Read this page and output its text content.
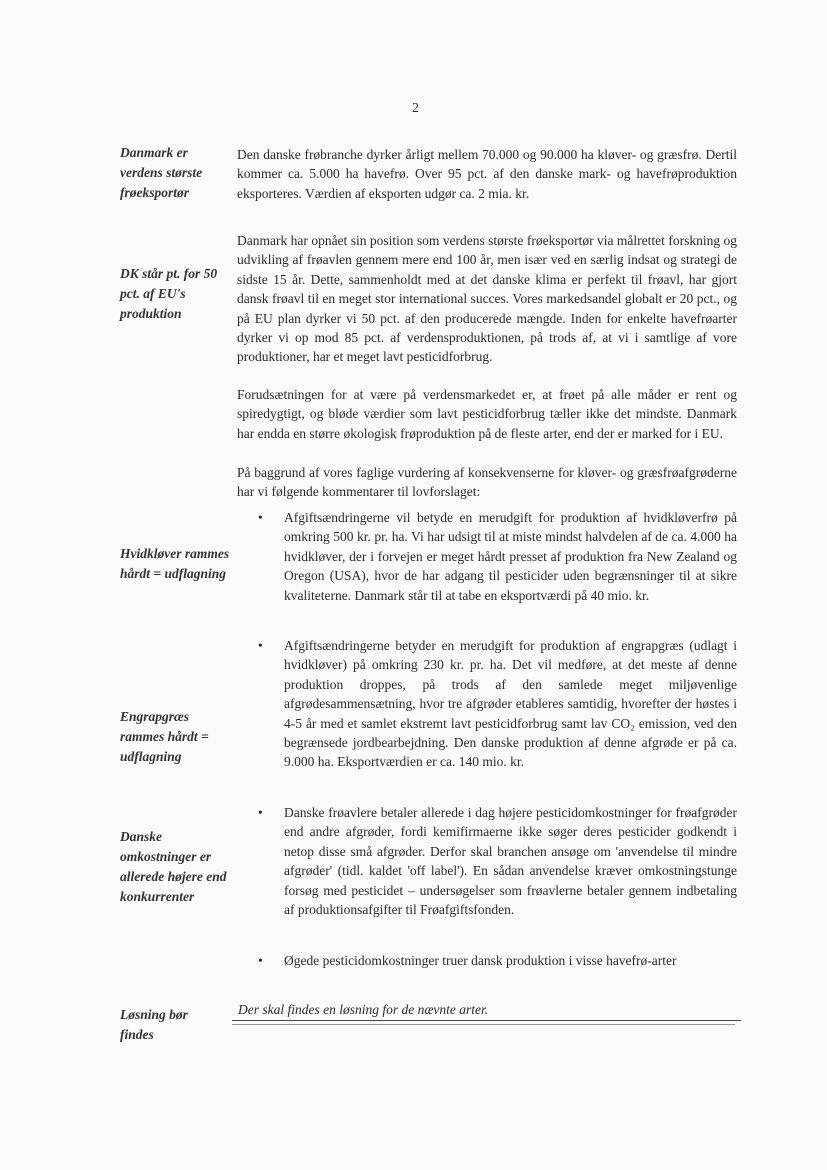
2
Danmark er verdens største frøeksportør
DK står pt. for 50 pct. af EU's produktion
Hvidkløver rammes hårdt = udflagning
Engrapgræs rammes hårdt = udflagning
Danske omkostninger er allerede højere end konkurrenter
Løsning bør findes

Den danske frøbranche dyrker årligt mellem 70.000 og 90.000 ha kløver- og græsfrø. Dertil kommer ca. 5.000 ha havefrø. Over 95 pct. af den danske mark- og havefrøproduktion eksporteres. Værdien af eksporten udgør ca. 2 mia. kr.

Danmark har opnået sin position som verdens største frøeksportør via målrettet forskning og udvikling af frøavlen gennem mere end 100 år, men især ved en særlig indsat og strategi de sidste 15 år. Dette, sammenholdt med at det danske klima er perfekt til frøavl, har gjort dansk frøavl til en meget stor international succes. Vores markedsandel globalt er 20 pct., og på EU plan dyrker vi 50 pct. af den producerede mængde. Inden for enkelte havefrøarter dyrker vi op mod 85 pct. af verdensproduktionen, på trods af, at vi i samtlige af vore produktioner, har et meget lavt pesticidforbrug.

Forudsætningen for at være på verdensmarkedet er, at frøet på alle måder er rent og spiredygtigt, og bløde værdier som lavt pesticidforbrug tæller ikke det mindste. Danmark har endda en større økologisk frøproduktion på de fleste arter, end der er marked for i EU.

På baggrund af vores faglige vurdering af konsekvenserne for kløver- og græsfrøafgrøderne har vi følgende kommentarer til lovforslaget:

• Afgiftsændringerne vil betyde en merudgift for produktion af hvidkløverfrø på omkring 500 kr. pr. ha. Vi har udsigt til at miste mindst halvdelen af de ca. 4.000 ha hvidkløver, der i forvejen er meget hårdt presset af produktion fra New Zealand og Oregon (USA), hvor de har adgang til pesticider uden begrænsninger til at sikre kvaliteterne. Danmark står til at tabe en eksportværdi på 40 mio. kr.
• Afgiftsændringerne betyder en merudgift for produktion af engrapgræs (udlagt i hvidkløver) på omkring 230 kr. pr. ha. Det vil medføre, at det meste af denne produktion droppes, på trods af den samlede meget miljøvenlige afgrødesammensætning, hvor tre afgrøder etableres samtidig, hvorefter der høstes i 4-5 år med et samlet ekstremt lavt pesticidforbrug samt lav CO₂ emission, ved den begrænsede jordbearbejdning. Den danske produktion af denne afgrøde er på ca. 9.000 ha. Eksportværdien er ca. 140 mio. kr.
• Danske frøavlere betaler allerede i dag højere pesticidomkostninger for frøafgrøder end andre afgrøder, fordi kemifirmaerne ikke søger deres pesticider godkendt i netop disse små afgrøder. Derfor skal branchen ansøge om 'anvendelse til mindre afgrøder' (tidl. kaldet 'off label'). En sådan anvendelse kræver omkostningstunge forsøg med pesticidet – undersøgelser som frøavlerne betaler gennem indbetaling af produktionsafgifter til Frøafgiftsfonden.
• Øgede pesticidomkostninger truer dansk produktion i visse havefrø-arter
Der skal findes en løsning for de nævnte arter.
